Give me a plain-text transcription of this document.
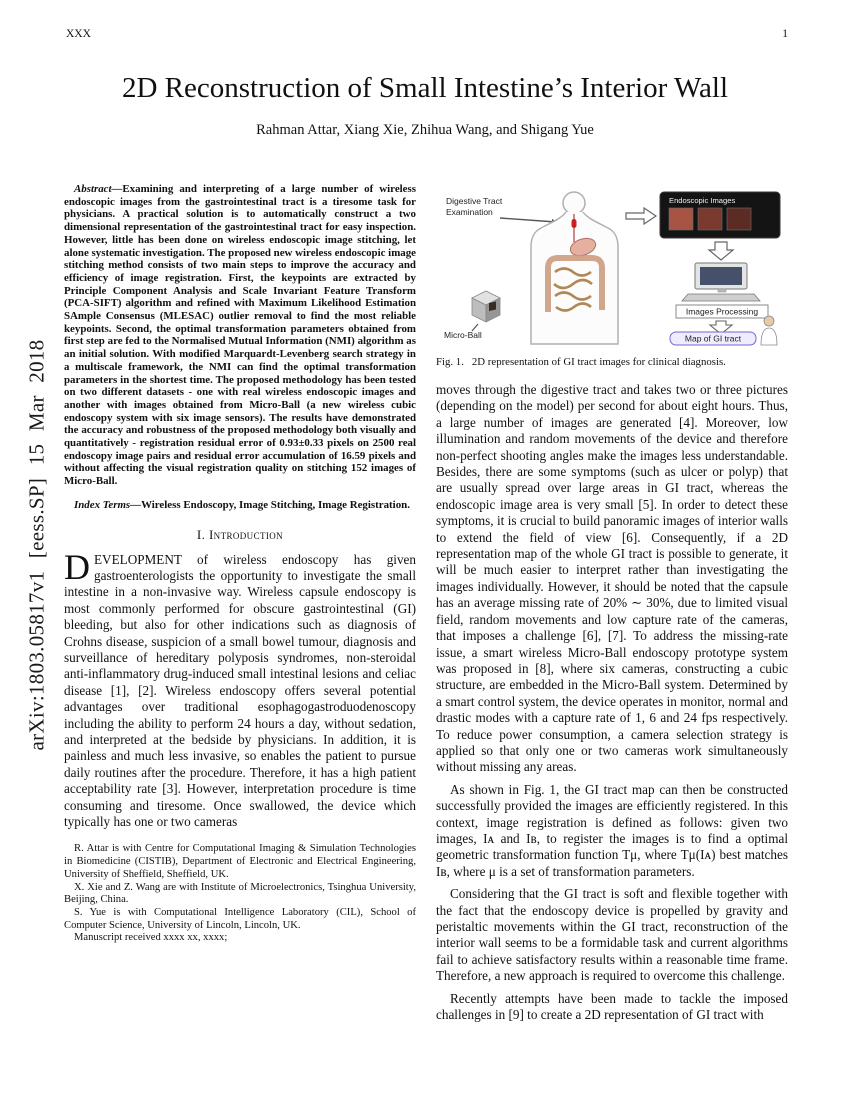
arXiv:1803.05817v1 [eess.SP] 15 Mar 2018
XXX	1
2D Reconstruction of Small Intestine’s Interior Wall
Rahman Attar, Xiang Xie, Zhihua Wang, and Shigang Yue

Abstract—Examining and interpreting of a large number of wireless endoscopic images from the gastrointestinal tract is a tiresome task for physicians. A practical solution is to automatically construct a two dimensional representation of the gastrointestinal tract for easy inspection. However, little has been done on wireless endoscopic image stitching, let alone systematic investigation. The proposed new wireless endoscopic image stitching method consists of two main steps to improve the accuracy and efficiency of image registration. First, the keypoints are extracted by Principle Component Analysis and Scale Invariant Feature Transform (PCA-SIFT) algorithm and refined with Maximum Likelihood Estimation SAmple Consensus (MLESAC) outlier removal to find the most reliable keypoints. Second, the optimal transformation parameters obtained from first step are fed to the Normalised Mutual Information (NMI) algorithm as an initial solution. With modified Marquardt-Levenberg search strategy in a multiscale framework, the NMI can find the optimal transformation parameters in the shortest time. The proposed methodology has been tested on two different datasets - one with real wireless endoscopic images and another with images obtained from Micro-Ball (a new wireless cubic endoscopy system with six image sensors). The results have demonstrated the accuracy and robustness of the proposed methodology both visually and quantitatively - registration residual error of 0.93±0.33 pixels on 2500 real endoscopy image pairs and residual error accumulation of 16.59 pixels and without affecting the visual registration quality on stitching 152 images of Micro-Ball.

Index Terms—Wireless Endoscopy, Image Stitching, Image Registration.

I. Introduction

DEVELOPMENT of wireless endoscopy has given gastroenterologists the opportunity to investigate the small intestine in a non-invasive way. Wireless capsule endoscopy is most commonly performed for obscure gastrointestinal (GI) bleeding, but also for other indications such as diagnosis of Crohns disease, suspicion of a small bowel tumour, diagnosis and surveillance of hereditary polyposis syndromes, non-steroidal anti-inflammatory drug-induced small intestinal lesions and celiac disease [1], [2]. Wireless endoscopy offers several potential advantages over traditional esophagogastroduodenoscopy including the ability to perform 24 hours a day, without sedation, and interpreted at the bedside by physicians. In addition, it is painless and much less invasive, so enables the patient to pursue daily routines after the procedure. Therefore, it has a high patient acceptability rate [3]. However, interpretation procedure is time consuming and tiresome. Once swallowed, the device which typically has one or two cameras

R. Attar is with Centre for Computational Imaging & Simulation Technologies in Biomedicine (CISTIB), Department of Electronic and Electrical Engineering, University of Sheffield, Sheffield, UK.

X. Xie and Z. Wang are with Institute of Microelectronics, Tsinghua University, Beijing, China.

S. Yue is with Computational Intelligence Laboratory (CIL), School of Computer Science, University of Lincoln, Lincoln, UK.

Manuscript received xxxx xx, xxxx;

Digestive Tract
Examination
Micro-Ball
Endoscopic Images
Images Processing
Map of GI tract
Fig. 1. 2D representation of GI tract images for clinical diagnosis.

moves through the digestive tract and takes two or three pictures (depending on the model) per second for about eight hours. Thus, a large number of images are generated [4]. Moreover, low illumination and random movements of the device and therefore non-perfect shooting angles make the images less understandable. Besides, there are some symptoms (such as ulcer or polyp) that are usually spread over large areas in GI tract, whereas the endoscopic image area is very small [5]. In order to detect these symptoms, it is crucial to build panoramic images of interior walls to extend the field of view [6]. Consequently, if a 2D representation map of the whole GI tract is possible to generate, it will be much easier to interpret rather than investigating the images individually. However, it should be noted that the capsule has an average missing rate of 20% ∼ 30%, due to limited visual field, random movements and low capture rate of the cameras, that imposes a challenge [6], [7]. To address the missing-rate issue, a smart wireless Micro-Ball endoscopy prototype system was proposed in [8], where six cameras, constructing a cubic structure, are embedded in the Micro-Ball system. Determined by a smart control system, the device operates in monitor, normal and drastic modes with a capture rate of 1, 6 and 24 fps respectively. To reduce power consumption, a camera selection strategy is applied so that only one or two cameras work simultaneously without missing any areas.

As shown in Fig. 1, the GI tract map can then be constructed successfully provided the images are efficiently registered. In this context, image registration is defined as follows: given two images, Iᴀ and Iʙ, to register the images is to find a optimal geometric transformation function Tμ, where Tμ(Iᴀ) best matches Iʙ, where μ is a set of transformation parameters.

Considering that the GI tract is soft and flexible together with the fact that the endoscopy device is propelled by gravity and peristaltic movements within the GI tract, reconstruction of the interior wall seems to be a formidable task and current algorithms fail to achieve satisfactory results within a reasonable time frame. Therefore, a new approach is required to overcome this challenge.

Recently attempts have been made to tackle the imposed challenges in [9] to create a 2D representation of GI tract with
